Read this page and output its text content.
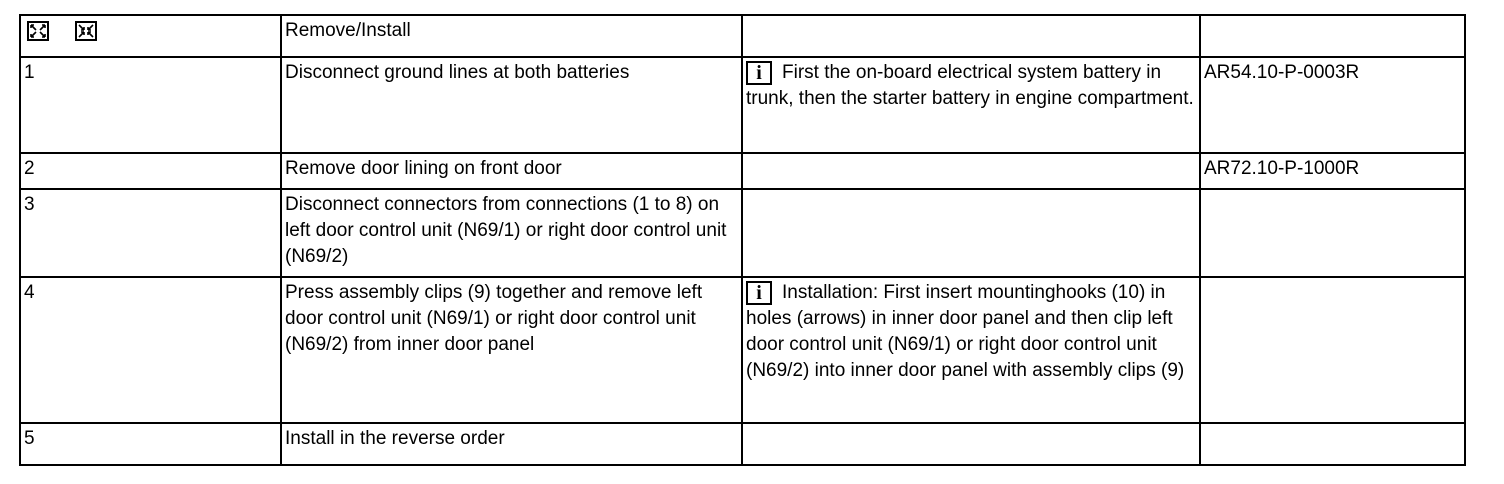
	Remove/Install		
1	Disconnect ground lines at both batteries	i First the on-board electrical system battery in trunk, then the starter battery in engine compartment.	AR54.10-P-0003R
2	Remove door lining on front door		AR72.10-P-1000R
3	Disconnect connectors from connections (1 to 8) on left door control unit (N69/1) or right door control unit (N69/2)		
4	Press assembly clips (9) together and remove left door control unit (N69/1) or right door control unit (N69/2) from inner door panel	i Installation: First insert mountinghooks (10) in holes (arrows) in inner door panel and then clip left door control unit (N69/1) or right door control unit (N69/2) into inner door panel with assembly clips (9)	
5	Install in the reverse order		
